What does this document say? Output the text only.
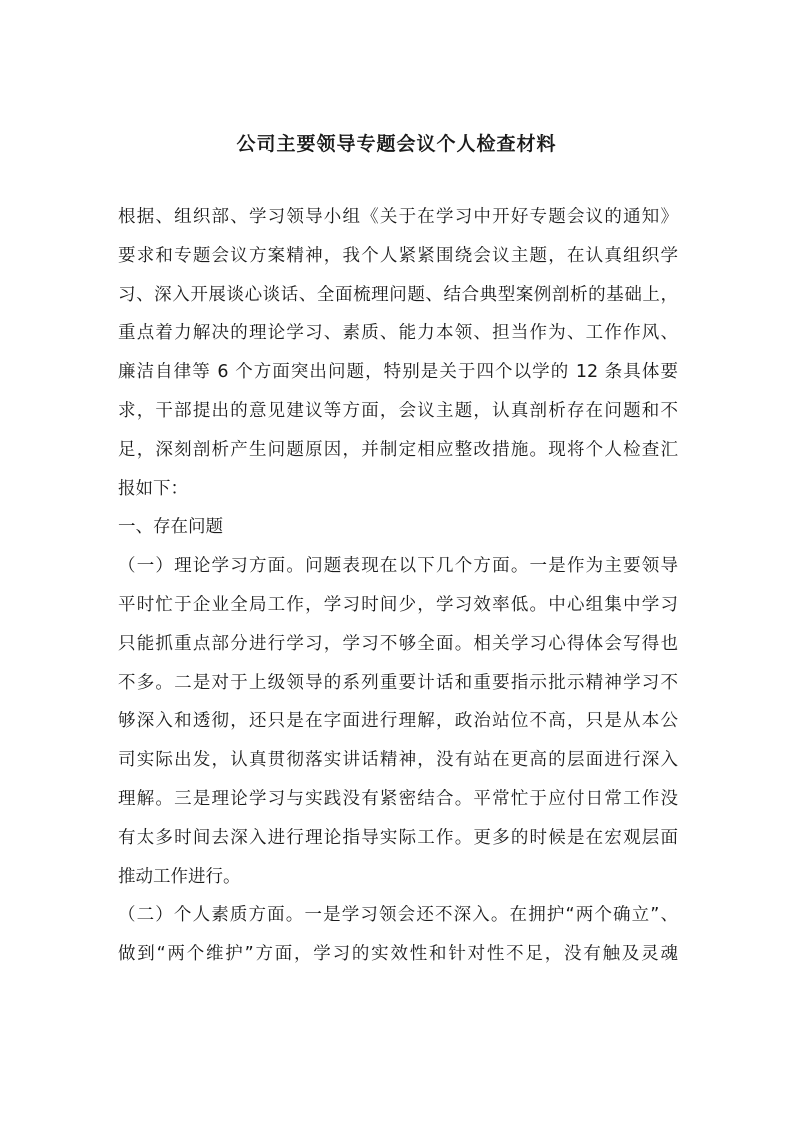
公司主要领导专题会议个人检查材料

根据、组织部、学习领导小组《关于在学习中开好专题会议的通知》

要求和专题会议方案精神，我个人紧紧围绕会议主题，在认真组织学

习、深入开展谈心谈话、全面梳理问题、结合典型案例剖析的基础上，

重点着力解决的理论学习、素质、能力本领、担当作为、工作作风、

廉洁自律等 6 个方面突出问题，特别是关于四个以学的 12 条具体要

求，干部提出的意见建议等方面，会议主题，认真剖析存在问题和不

足，深刻剖析产生问题原因，并制定相应整改措施。现将个人检查汇

报如下：

一、存在问题

（一）理论学习方面。问题表现在以下几个方面。一是作为主要领导

平时忙于企业全局工作，学习时间少，学习效率低。中心组集中学习

只能抓重点部分进行学习，学习不够全面。相关学习心得体会写得也

不多。二是对于上级领导的系列重要计话和重要指示批示精神学习不

够深入和透彻，还只是在字面进行理解，政治站位不高，只是从本公

司实际出发，认真贯彻落实讲话精神，没有站在更高的层面进行深入

理解。三是理论学习与实践没有紧密结合。平常忙于应付日常工作没

有太多时间去深入进行理论指导实际工作。更多的时候是在宏观层面

推动工作进行。

（二）个人素质方面。一是学习领会还不深入。在拥护“两个确立”、

做到“两个维护”方面，学习的实效性和针对性不足，没有触及灵魂
